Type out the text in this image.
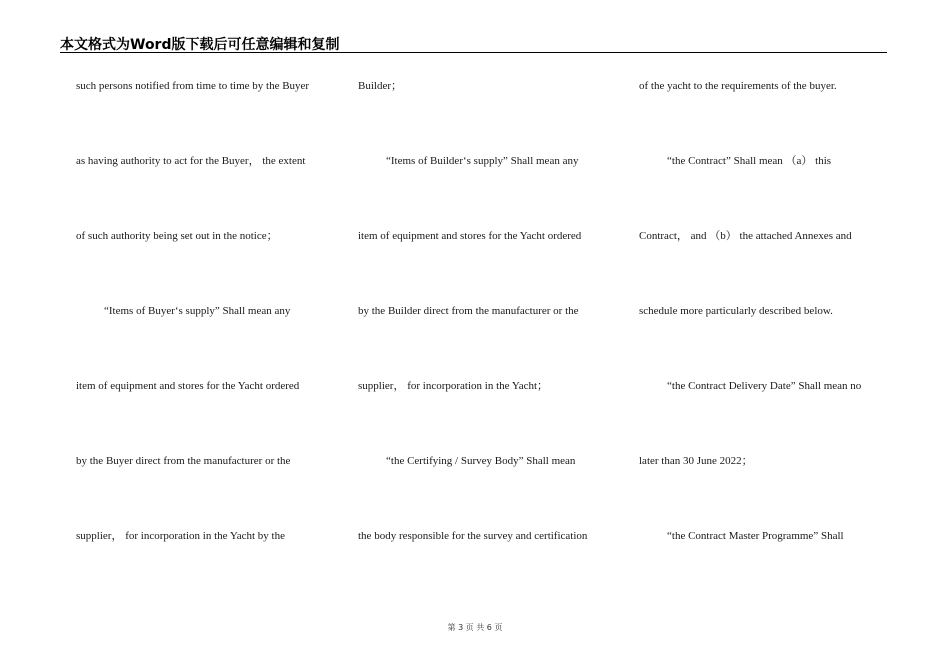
本文格式为Word版下载后可任意编辑和复制
such persons notified from time to time by the Buyer
as having authority to act for the Buyer， the extent
of such authority being set out in the notice；
“Items of Buyer‘s supply” Shall mean any
item of equipment and stores for the Yacht ordered
by the Buyer direct from the manufacturer or the
supplier， for incorporation in the Yacht by the
Builder；
“Items of Builder‘s supply” Shall mean any
item of equipment and stores for the Yacht ordered
by the Builder direct from the manufacturer or the
supplier， for incorporation in the Yacht；
“the Certifying / Survey Body” Shall mean
the body responsible for the survey and certification
of the yacht to the requirements of the buyer.
“the Contract” Shall mean （a） this
Contract， and （b） the attached Annexes and
schedule more particularly described below.
“the Contract Delivery Date” Shall mean no
later than 30 June 2022；
“the Contract Master Programme” Shall
第 3 页 共 6 页
